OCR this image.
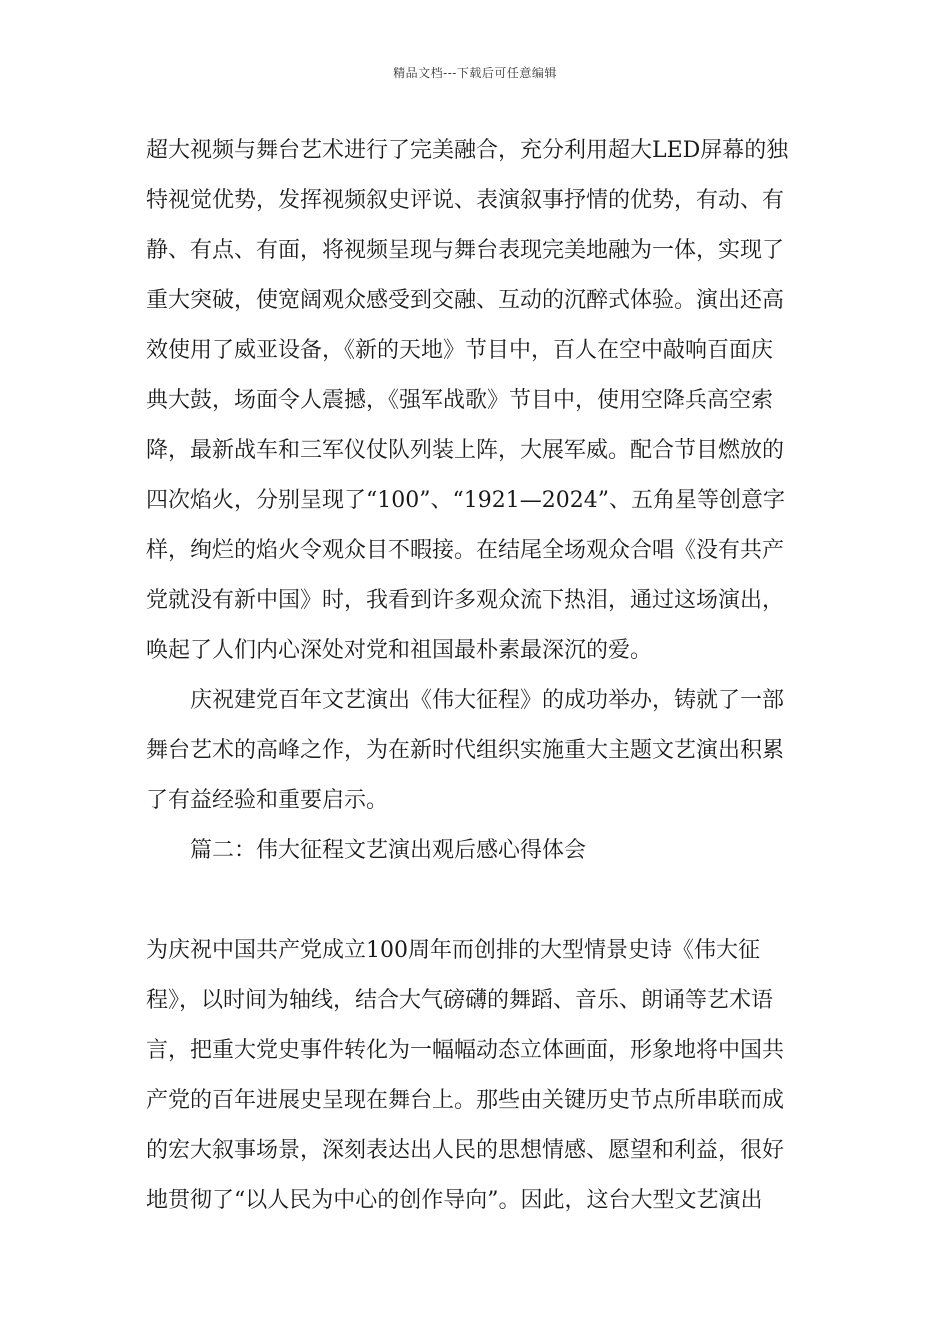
精品文档---下载后可任意编辑
超大视频与舞台艺术进行了完美融合，充分利用超大LED屏幕的独
特视觉优势，发挥视频叙史评说、表演叙事抒情的优势，有动、有
静、有点、有面，将视频呈现与舞台表现完美地融为一体，实现了
重大突破，使宽阔观众感受到交融、互动的沉醉式体验。演出还高
效使用了威亚设备，《新的天地》节目中，百人在空中敲响百面庆
典大鼓，场面令人震撼，《强军战歌》节目中，使用空降兵高空索
降，最新战车和三军仪仗队列装上阵，大展军威。配合节目燃放的
四次焰火，分别呈现了“100”、“1921—2024”、五角星等创意字
样，绚烂的焰火令观众目不暇接。在结尾全场观众合唱《没有共产
党就没有新中国》时，我看到许多观众流下热泪，通过这场演出，
唤起了人们内心深处对党和祖国最朴素最深沉的爱。
　　庆祝建党百年文艺演出《伟大征程》的成功举办，铸就了一部
舞台艺术的高峰之作，为在新时代组织实施重大主题文艺演出积累
了有益经验和重要启示。
　　篇二：伟大征程文艺演出观后感心得体会
为庆祝中国共产党成立100周年而创排的大型情景史诗《伟大征
程》，以时间为轴线，结合大气磅礴的舞蹈、音乐、朗诵等艺术语
言，把重大党史事件转化为一幅幅动态立体画面，形象地将中国共
产党的百年进展史呈现在舞台上。那些由关键历史节点所串联而成
的宏大叙事场景，深刻表达出人民的思想情感、愿望和利益，很好
地贯彻了“以人民为中心的创作导向”。因此，这台大型文艺演出
